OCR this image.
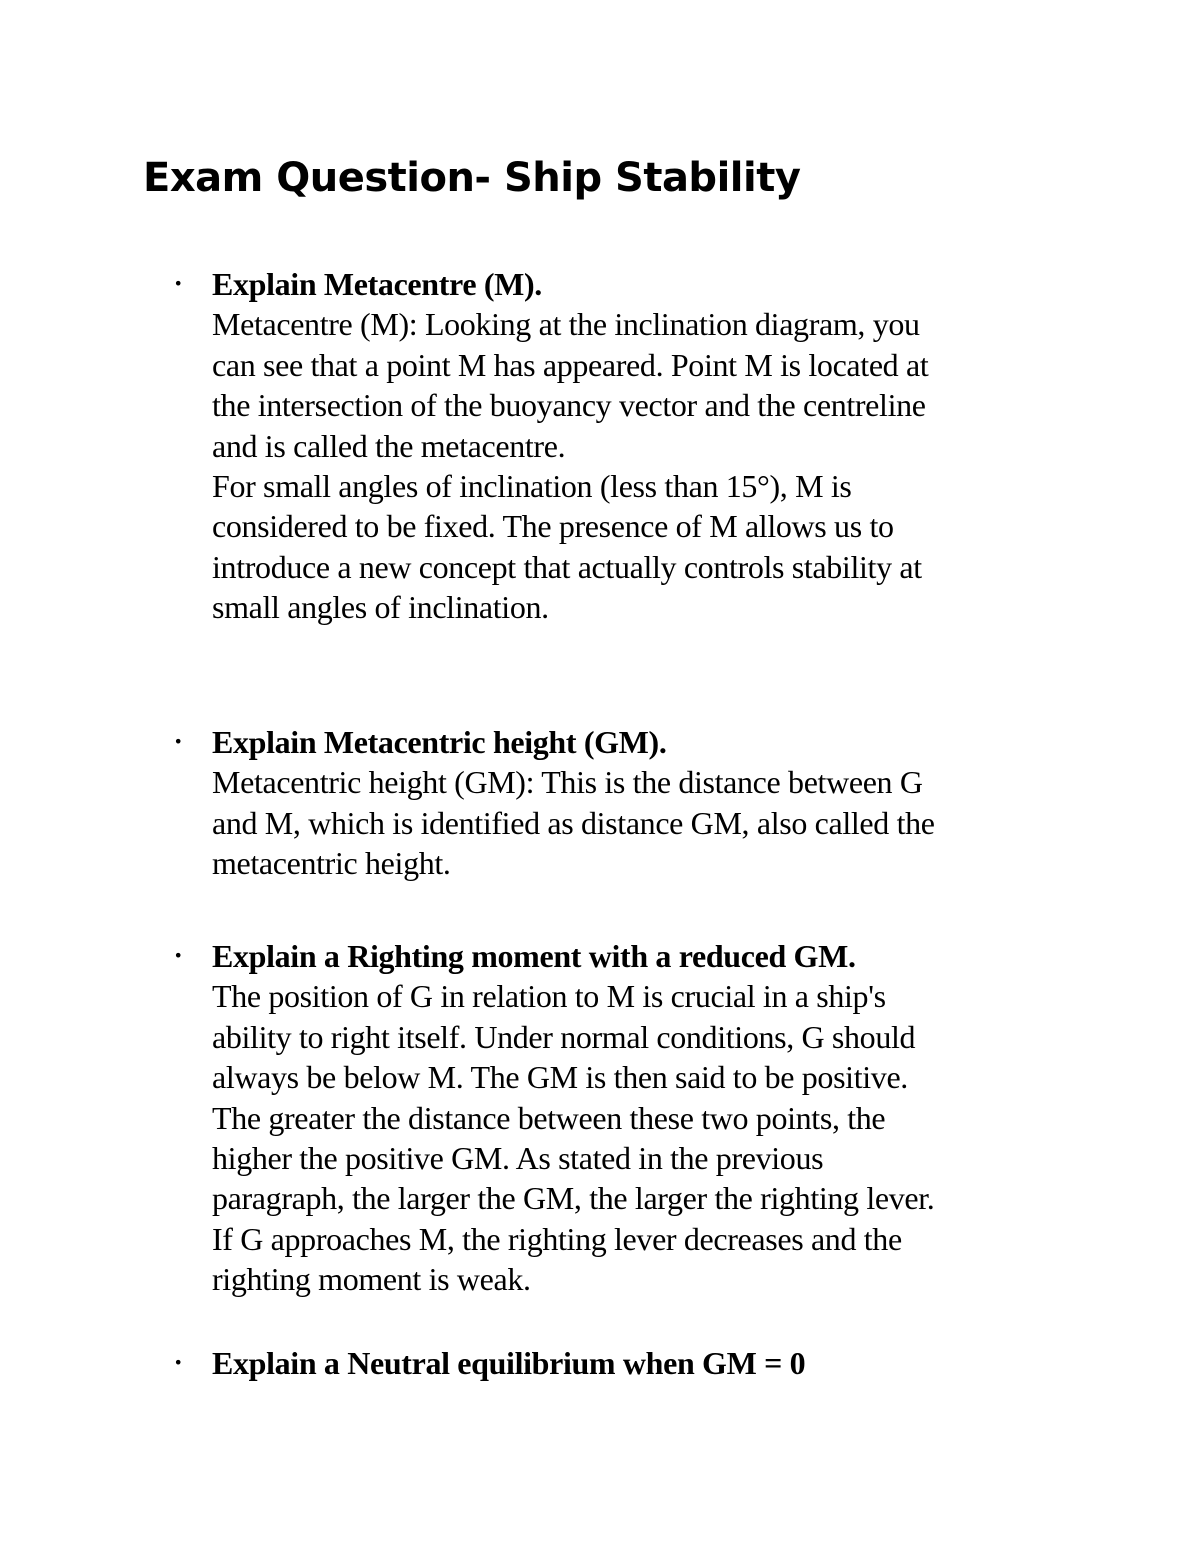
Exam Question- Ship Stability
• Explain Metacentre (M).
Metacentre (M): Looking at the inclination diagram, you
can see that a point M has appeared. Point M is located at
the intersection of the buoyancy vector and the centreline
and is called the metacentre.
For small angles of inclination (less than 15°), M is
considered to be fixed. The presence of M allows us to
introduce a new concept that actually controls stability at
small angles of inclination.
• Explain Metacentric height (GM).
Metacentric height (GM): This is the distance between G
and M, which is identified as distance GM, also called the
metacentric height.
• Explain a Righting moment with a reduced GM.
The position of G in relation to M is crucial in a ship's
ability to right itself. Under normal conditions, G should
always be below M. The GM is then said to be positive.
The greater the distance between these two points, the
higher the positive GM. As stated in the previous
paragraph, the larger the GM, the larger the righting lever.
If G approaches M, the righting lever decreases and the
righting moment is weak.
• Explain a Neutral equilibrium when GM = 0
